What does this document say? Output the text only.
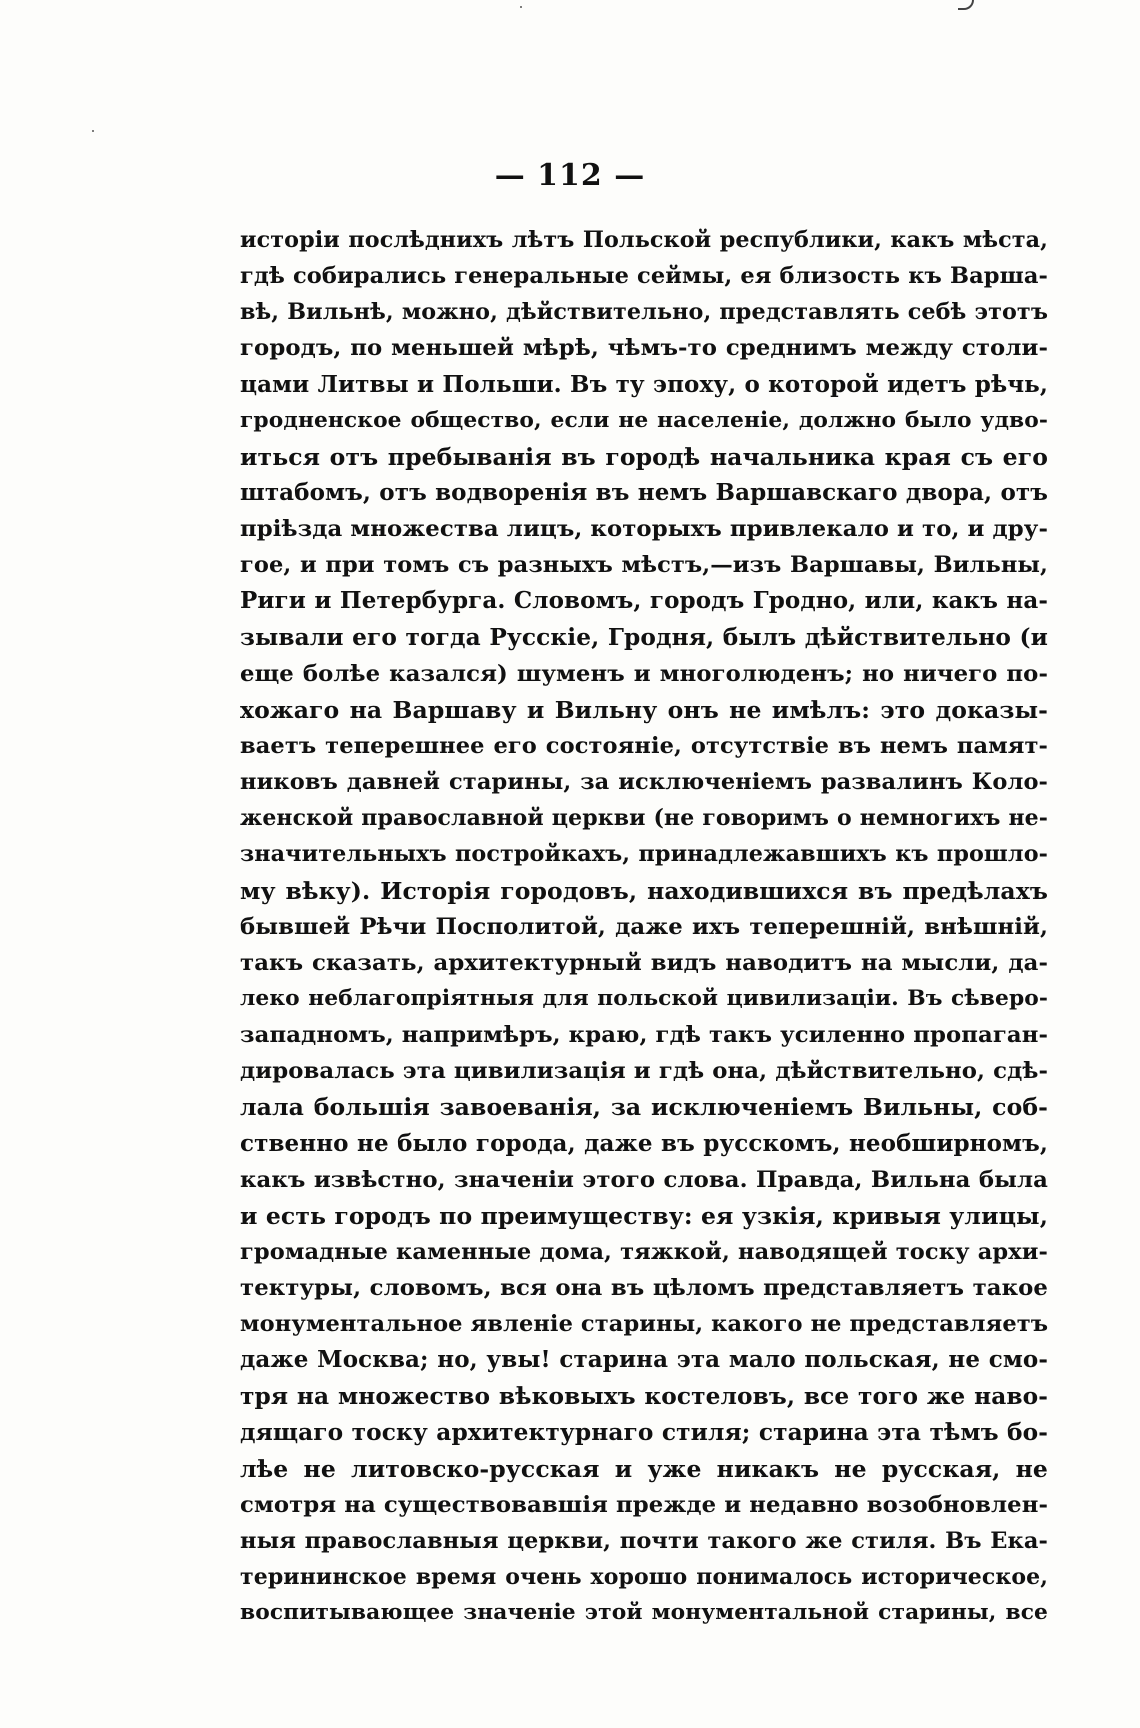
— 112 —
исторіи послѣднихъ лѣтъ Польской республики, какъ мѣста,
гдѣ собирались генеральные сеймы, ея близость къ Варша-
вѣ, Вильнѣ, можно, дѣйствительно, представлять себѣ этотъ
городъ, по меньшей мѣрѣ, чѣмъ-то среднимъ между столи-
цами Литвы и Польши. Въ ту эпоху, о которой идетъ рѣчь,
гродненское общество, если не населеніе, должно было удво-
иться отъ пребыванія въ городѣ начальника края съ его
штабомъ, отъ водворенія въ немъ Варшавскаго двора, отъ
пріѣзда множества лицъ, которыхъ привлекало и то, и дру-
гое, и при томъ съ разныхъ мѣстъ,—изъ Варшавы, Вильны,
Риги и Петербурга. Словомъ, городъ Гродно, или, какъ на-
зывали его тогда Русскіе, Гродня, былъ дѣйствительно (и
еще болѣе казался) шуменъ и многолюденъ; но ничего по-
хожаго на Варшаву и Вильну онъ не имѣлъ: это доказы-
ваетъ теперешнее его состояніе, отсутствіе въ немъ памят-
никовъ давней старины, за исключеніемъ развалинъ Коло-
женской православной церкви (не говоримъ о немногихъ не-
значительныхъ постройкахъ, принадлежавшихъ къ прошло-
му вѣку). Исторія городовъ, находившихся въ предѣлахъ
бывшей Рѣчи Посполитой, даже ихъ теперешній, внѣшній,
такъ сказать, архитектурный видъ наводитъ на мысли, да-
леко неблагопріятныя для польской цивилизаціи. Въ сѣверо-
западномъ, напримѣръ, краю, гдѣ такъ усиленно пропаган-
дировалась эта цивилизація и гдѣ она, дѣйствительно, сдѣ-
лала большія завоеванія, за исключеніемъ Вильны, соб-
ственно не было города, даже въ русскомъ, необширномъ,
какъ извѣстно, значеніи этого слова. Правда, Вильна была
и есть городъ по преимуществу: ея узкія, кривыя улицы,
громадные каменные дома, тяжкой, наводящей тоску архи-
тектуры, словомъ, вся она въ цѣломъ представляетъ такое
монументальное явленіе старины, какого не представляетъ
даже Москва; но, увы! старина эта мало польская, не смо-
тря на множество вѣковыхъ костеловъ, все того же наво-
дящаго тоску архитектурнаго стиля; старина эта тѣмъ бо-
лѣе не литовско-русская и уже никакъ не русская, не
смотря на существовавшія прежде и недавно возобновлен-
ныя православныя церкви, почти такого же стиля. Въ Ека-
терининское время очень хорошо понималось историческое,
воспитывающее значеніе этой монументальной старины, все
